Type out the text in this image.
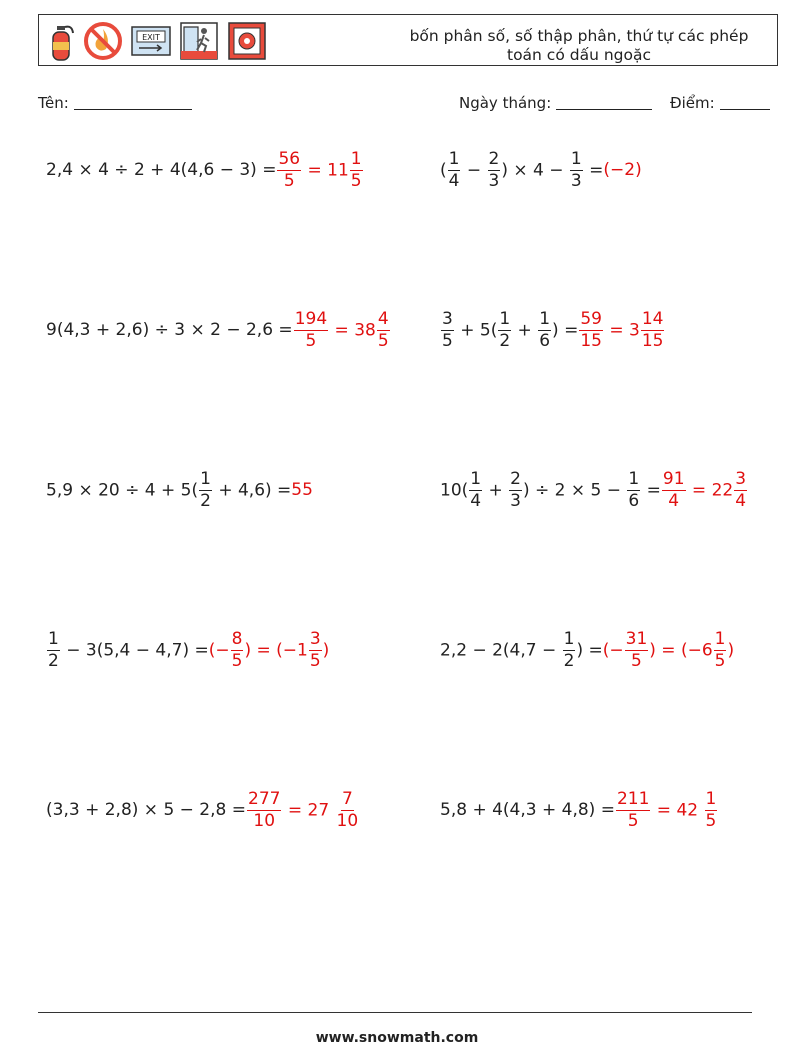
EXIT	bốn phân số, số thập phân, thứ tự các phép toán có dấu ngoặc
Tên:	Ngày tháng:	Điểm:
$2,4 \times 4 \div 2 + 4(4,6 - 3) = \frac{56}{5} = 11 \frac{1}{5}$	( $\frac{1}{4} - \frac{2}{3}$ ) × $4 - \frac{1}{3} = (-2)$
$9(4,3 + 2,6) \div 3 \times 2 - 2,6 = \frac{194}{5} = 38 \frac{4}{5}$	$\frac{3}{5} + 5( \frac{1}{2} + \frac{1}{6}$ ) = $\frac{59}{15} = 3 \frac{14}{15}$
$5,9 \times 20 \div 4 + 5( \frac{1}{2} + 4,6) = 55$	$10( \frac{1}{4} + \frac{2}{3}$ ) ÷ $2 \times 5 - \frac{1}{6} = \frac{91}{4} = 22 \frac{3}{4}$
$\frac{1}{2} - 3(5,4 - 4,7)$ = (− $\frac{8}{5}$ ) = ($-1 \frac{3}{5}$ )	$2,2 - 2(4,7 - \frac{1}{2}$ ) = (− $\frac{31}{5}$ ) = ($-6 \frac{1}{5}$ )
$(3,3 + 2,8) \times 5 - 2,8 = \frac{277}{10} = 27 \frac{7}{10}$	$5,8 + 4(4,3 + 4,8) = \frac{211}{5} = 42 \frac{1}{5}$
www.snowmath.com
